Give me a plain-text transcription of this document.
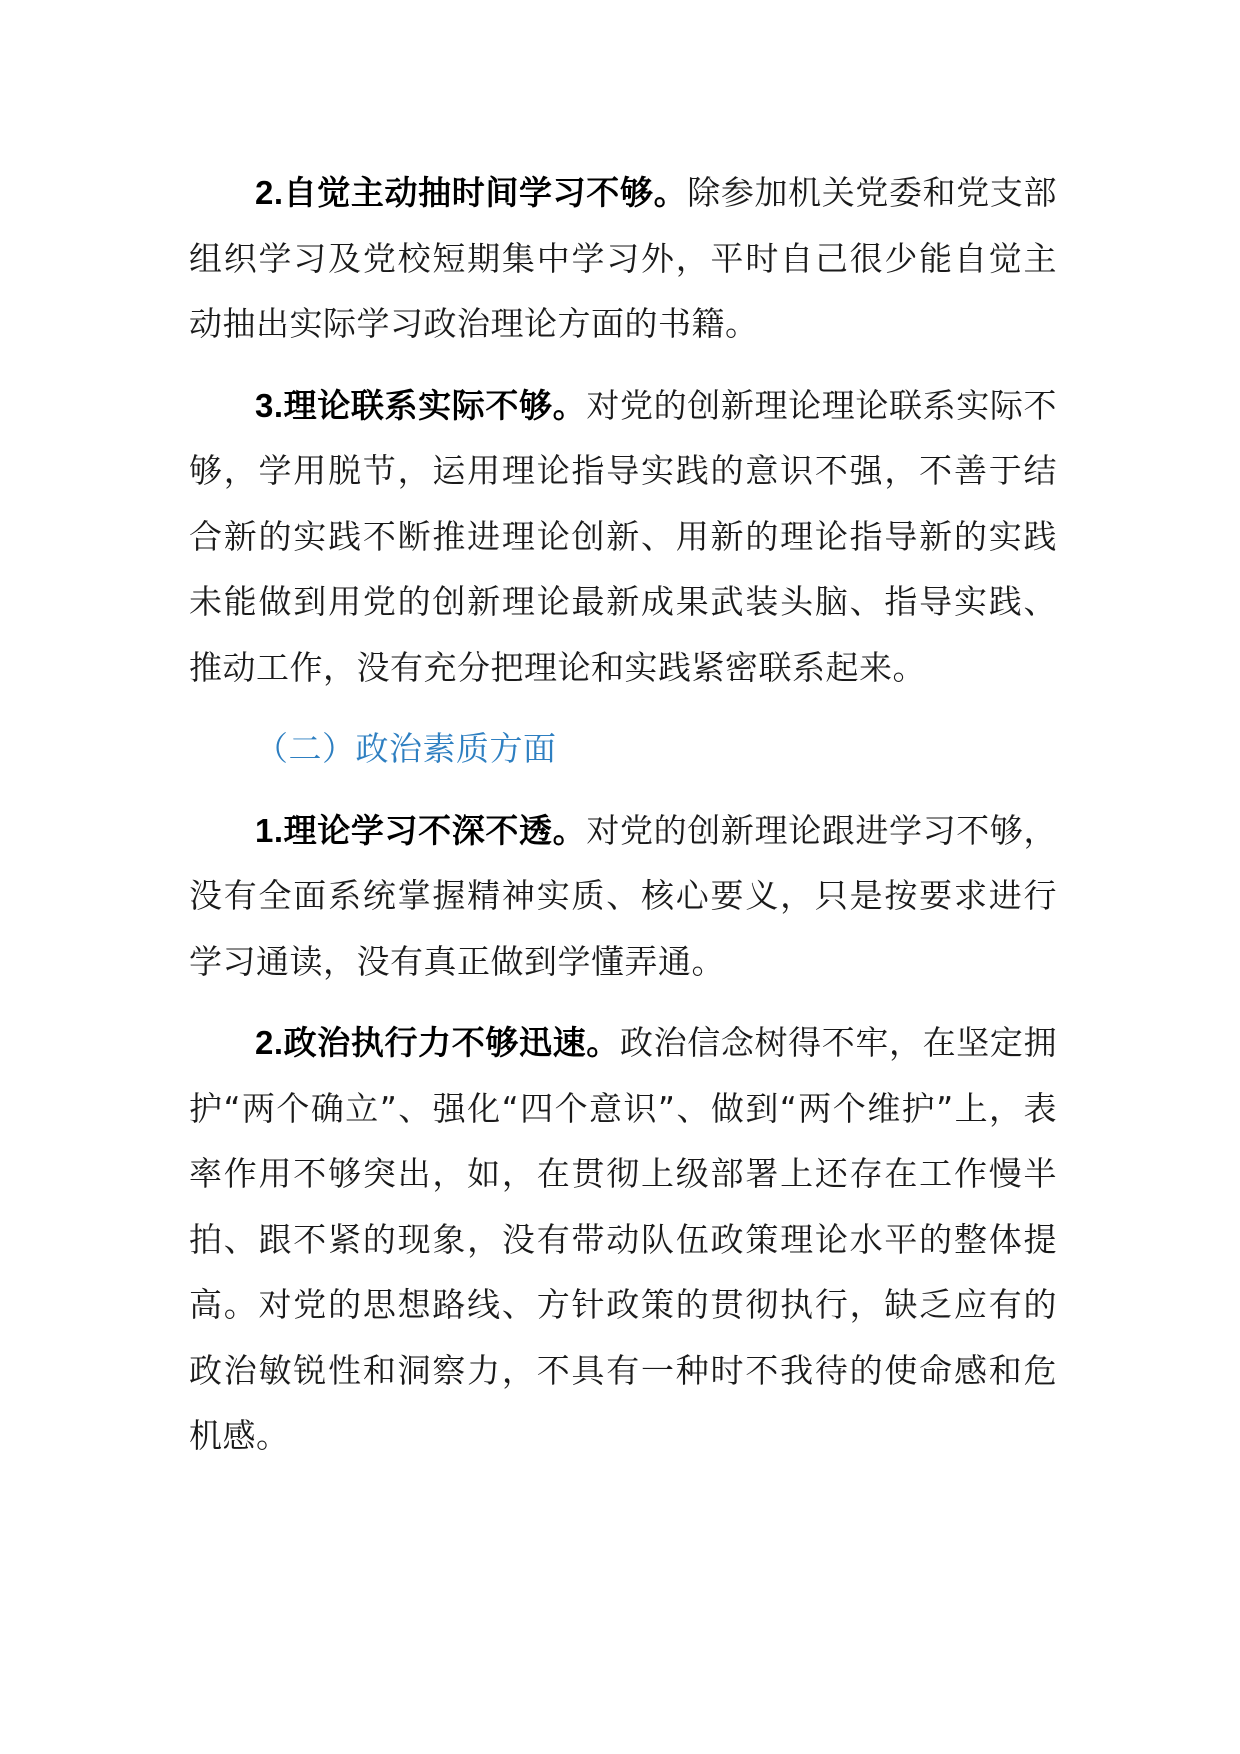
2.自觉主动抽时间学习不够。除参加机关党委和党支部组织学习及党校短期集中学习外，平时自己很少能自觉主动抽出实际学习政治理论方面的书籍。

3.理论联系实际不够。对党的创新理论理论联系实际不够，学用脱节，运用理论指导实践的意识不强，不善于结合新的实践不断推进理论创新、用新的理论指导新的实践未能做到用党的创新理论最新成果武装头脑、指导实践、推动工作，没有充分把理论和实践紧密联系起来。

（二）政治素质方面

1.理论学习不深不透。对党的创新理论跟进学习不够，没有全面系统掌握精神实质、核心要义，只是按要求进行学习通读，没有真正做到学懂弄通。

2.政治执行力不够迅速。政治信念树得不牢，在坚定拥护“两个确立”、强化“四个意识”、做到“两个维护”上，表率作用不够突出，如，在贯彻上级部署上还存在工作慢半拍、跟不紧的现象，没有带动队伍政策理论水平的整体提高。对党的思想路线、方针政策的贯彻执行，缺乏应有的政治敏锐性和洞察力，不具有一种时不我待的使命感和危机感。
